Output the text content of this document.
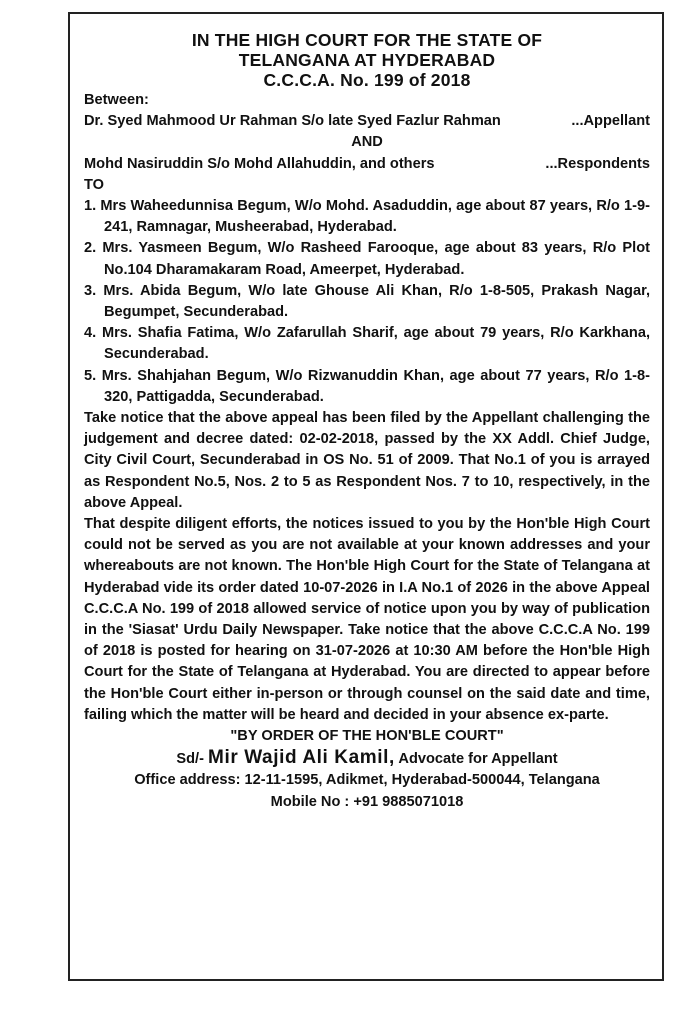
IN THE HIGH COURT FOR THE STATE OF
TELANGANA AT HYDERABAD
C.C.C.A. No. 199 of 2018

Between:

Dr. Syed Mahmood Ur Rahman S/o late Syed Fazlur Rahman	...Appellant

AND

Mohd Nasiruddin S/o Mohd Allahuddin, and others	...Respondents

TO

1. Mrs Waheedunnisa Begum, W/o Mohd. Asaduddin, age about 87 years, R/o 1-9-241, Ramnagar, Musheerabad, Hyderabad.

2. Mrs. Yasmeen Begum, W/o Rasheed Farooque, age about 83 years, R/o Plot No.104 Dharamakaram Road, Ameerpet, Hyderabad.

3. Mrs. Abida Begum, W/o late Ghouse Ali Khan, R/o 1-8-505, Prakash Nagar, Begumpet, Secunderabad.

4. Mrs. Shafia Fatima, W/o Zafarullah Sharif, age about 79 years, R/o Karkhana, Secunderabad.

5. Mrs. Shahjahan Begum, W/o Rizwanuddin Khan, age about 77 years, R/o 1-8-320, Pattigadda, Secunderabad.

Take notice that the above appeal has been filed by the Appellant challenging the judgement and decree dated: 02-02-2018, passed by the XX Addl. Chief Judge, City Civil Court, Secunderabad in OS No. 51 of 2009. That No.1 of you is arrayed as Respondent No.5, Nos. 2 to 5 as Respondent Nos. 7 to 10, respectively, in the above Appeal.

That despite diligent efforts, the notices issued to you by the Hon'ble High Court could not be served as you are not available at your known addresses and your whereabouts are not known. The Hon'ble High Court for the State of Telangana at Hyderabad vide its order dated 10-07-2026 in I.A No.1 of 2026 in the above Appeal C.C.C.A No. 199 of 2018 allowed service of notice upon you by way of publication in the 'Siasat' Urdu Daily Newspaper. Take notice that the above C.C.C.A No. 199 of 2018 is posted for hearing on 31-07-2026 at 10:30 AM before the Hon'ble High Court for the State of Telangana at Hyderabad. You are directed to appear before the Hon'ble Court either in-person or through counsel on the said date and time, failing which the matter will be heard and decided in your absence ex-parte.

"BY ORDER OF THE HON'BLE COURT"

Sd/- Mir Wajid Ali Kamil, Advocate for Appellant

Office address: 12-11-1595, Adikmet, Hyderabad-500044, Telangana

Mobile No : +91 9885071018
